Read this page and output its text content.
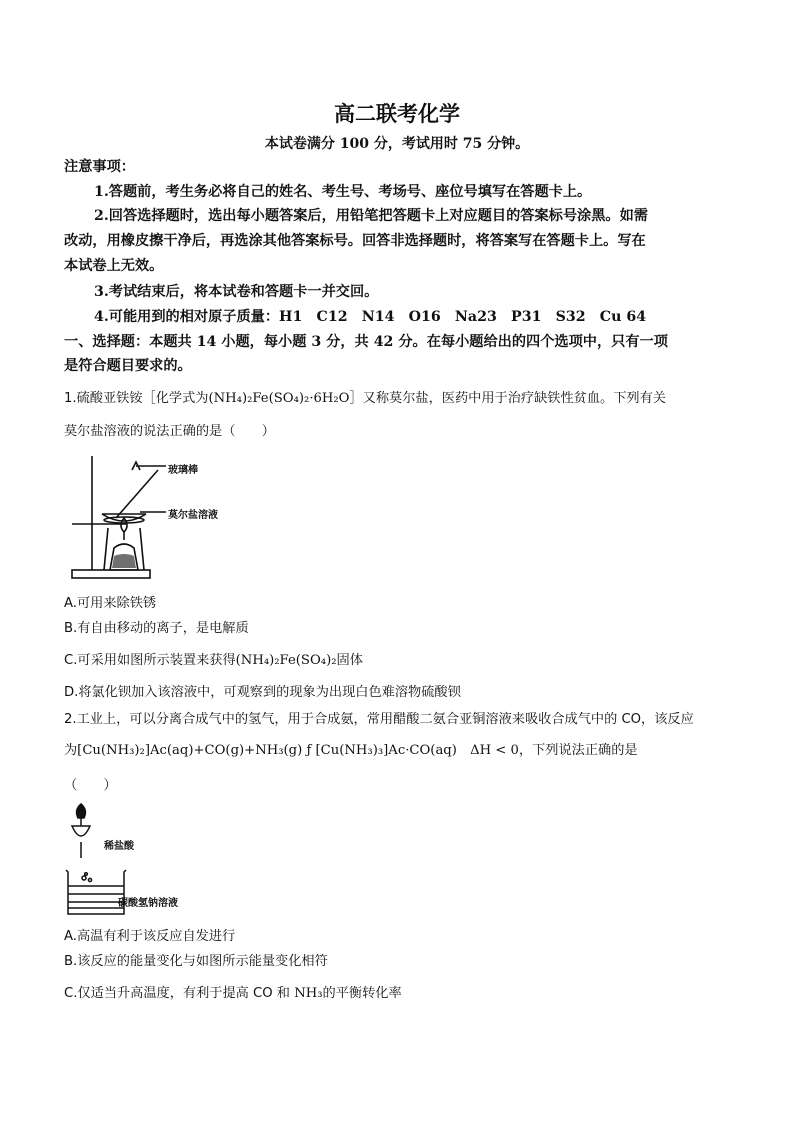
高二联考化学
本试卷满分 100 分，考试用时 75 分钟。
注意事项：
1.答题前，考生务必将自己的姓名、考生号、考场号、座位号填写在答题卡上。
2.回答选择题时，选出每小题答案后，用铅笔把答题卡上对应题目的答案标号涂黑。如需
改动，用橡皮擦干净后，再选涂其他答案标号。回答非选择题时，将答案写在答题卡上。写在
本试卷上无效。
3.考试结束后，将本试卷和答题卡一并交回。
4.可能用到的相对原子质量：H1　C12　N14　O16　Na23　P31　S32　Cu 64
一、选择题：本题共 14 小题，每小题 3 分，共 42 分。在每小题给出的四个选项中，只有一项
是符合题目要求的。
1.硫酸亚铁铵［化学式为(NH₄)₂Fe(SO₄)₂·6H₂O］又称莫尔盐，医药中用于治疗缺铁性贫血。下列有关
莫尔盐溶液的说法正确的是（　　）
玻璃棒
莫尔盐溶液
A.可用来除铁锈
B.有自由移动的离子，是电解质
C.可采用如图所示装置来获得(NH₄)₂Fe(SO₄)₂固体
D.将氯化钡加入该溶液中，可观察到的现象为出现白色难溶物硫酸钡
2.工业上，可以分离合成气中的氢气，用于合成氨，常用醋酸二氨合亚铜溶液来吸收合成气中的 CO，该反应
为[Cu(NH₃)₂]Ac(aq)+CO(g)+NH₃(g) ƒ [Cu(NH₃)₃]Ac·CO(aq)　ΔH < 0，下列说法正确的是
（　　）
稀盐酸
碳酸氢钠溶液
A.高温有利于该反应自发进行
B.该反应的能量变化与如图所示能量变化相符
C.仅适当升高温度，有利于提高 CO 和 NH₃的平衡转化率
